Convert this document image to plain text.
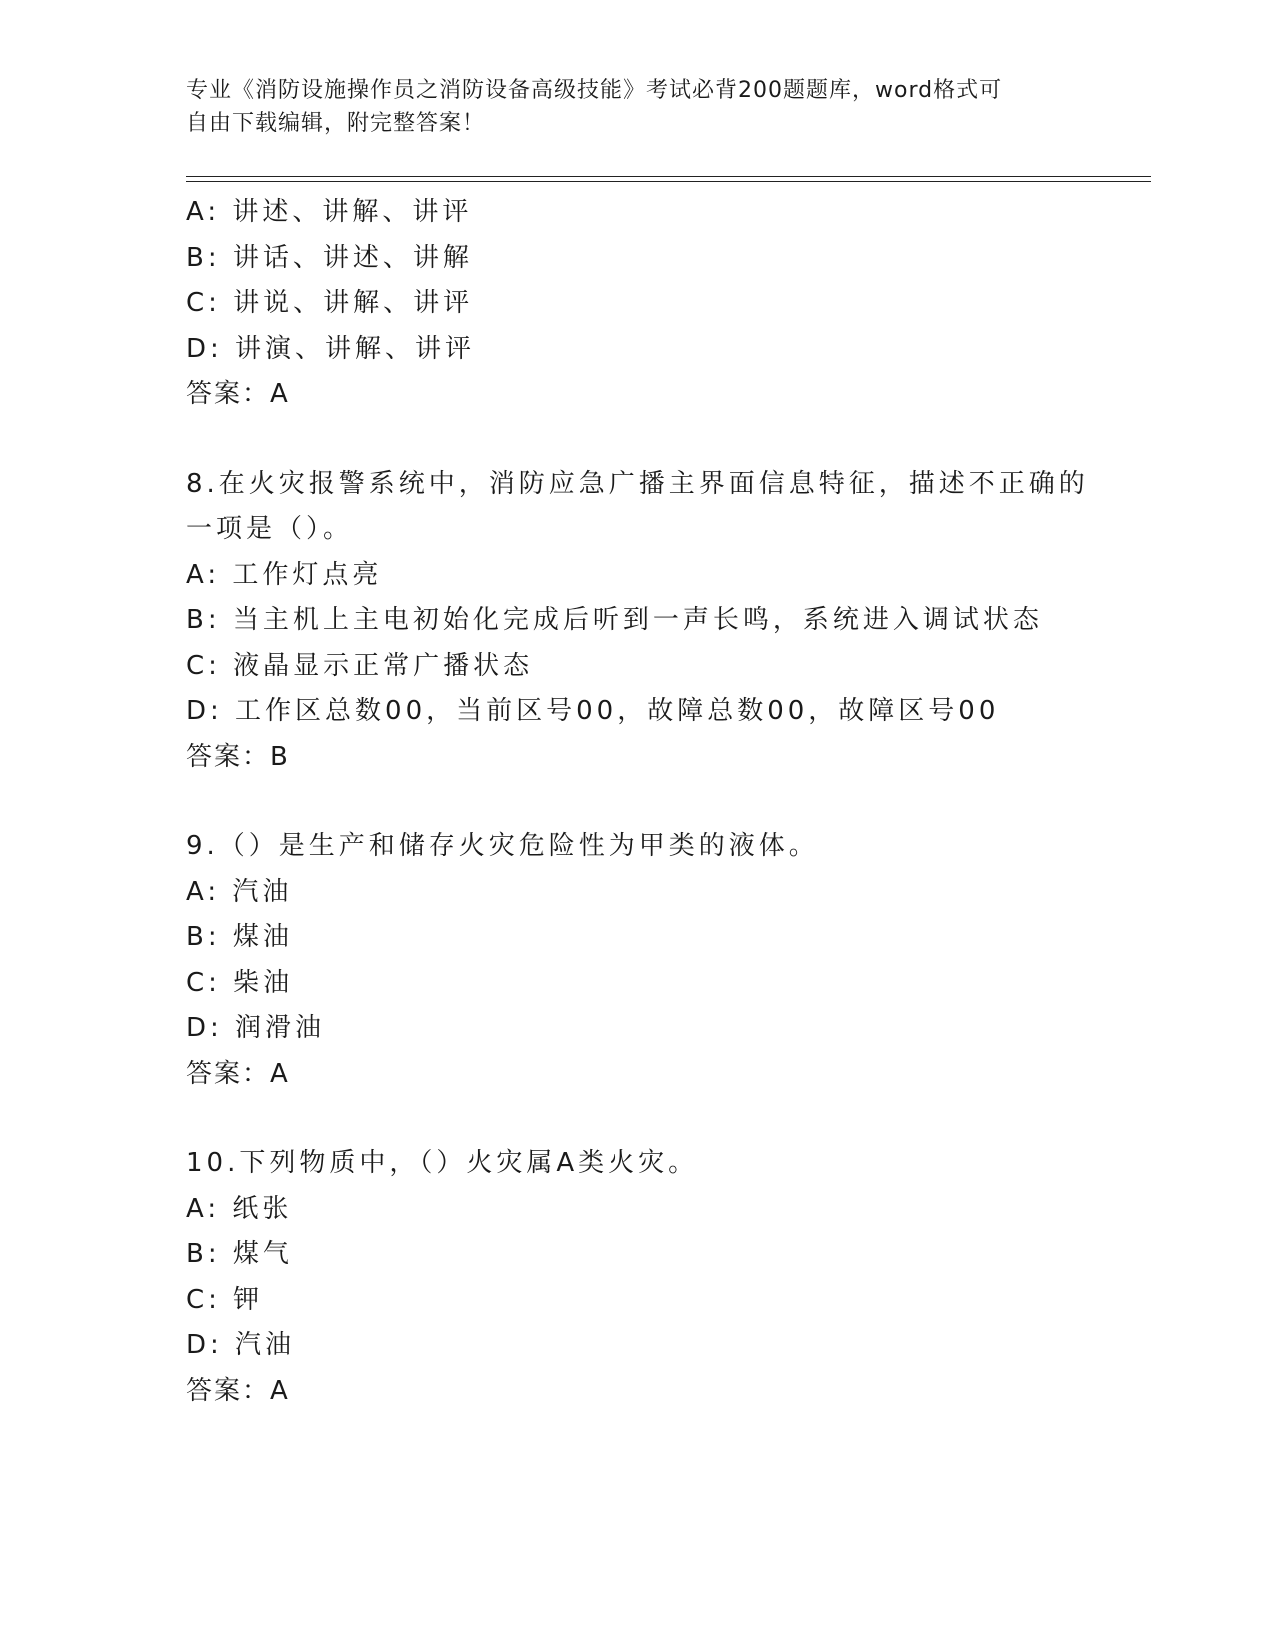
专业《消防设施操作员之消防设备高级技能》考试必背200题题库，word格式可
自由下载编辑，附完整答案！
A: 讲述、讲解、讲评
B: 讲话、讲述、讲解
C: 讲说、讲解、讲评
D: 讲演、讲解、讲评
答案：A
8.在火灾报警系统中，消防应急广播主界面信息特征，描述不正确的
一项是（）。
A: 工作灯点亮
B: 当主机上主电初始化完成后听到一声长鸣，系统进入调试状态
C: 液晶显示正常广播状态
D: 工作区总数00，当前区号00，故障总数00，故障区号00
答案：B
9.（）是生产和储存火灾危险性为甲类的液体。
A: 汽油
B: 煤油
C: 柴油
D: 润滑油
答案：A
10.下列物质中，（）火灾属A类火灾。
A: 纸张
B: 煤气
C: 钾
D: 汽油
答案：A
